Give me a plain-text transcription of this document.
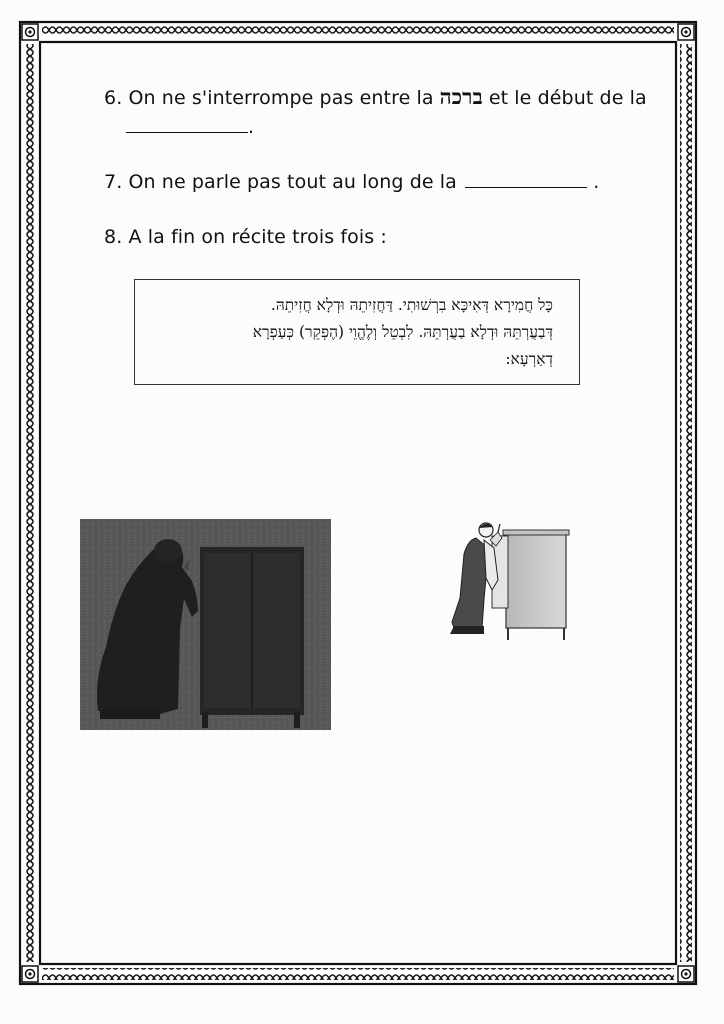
6. On ne s'interrompe pas entre la ברכה et le début de la
.
7. On ne parle pas tout au long de la	.
8. A la fin on récite trois fois :
כָּל חֲמִירָא דְּאִיכָּא בִרְשׁוּתִי. דַּחֲזִיתֵהּ וּדְלָא חֲזִיתֵהּ.
דְּבַעֲרְתֵּהּ וּדְלָא בַעֲרְתֵּהּ. לִבְטֵל וְלֶהֱוֵי (הֶפְקֵר) כְּעַפְרָא
דְאַרְעָא:
